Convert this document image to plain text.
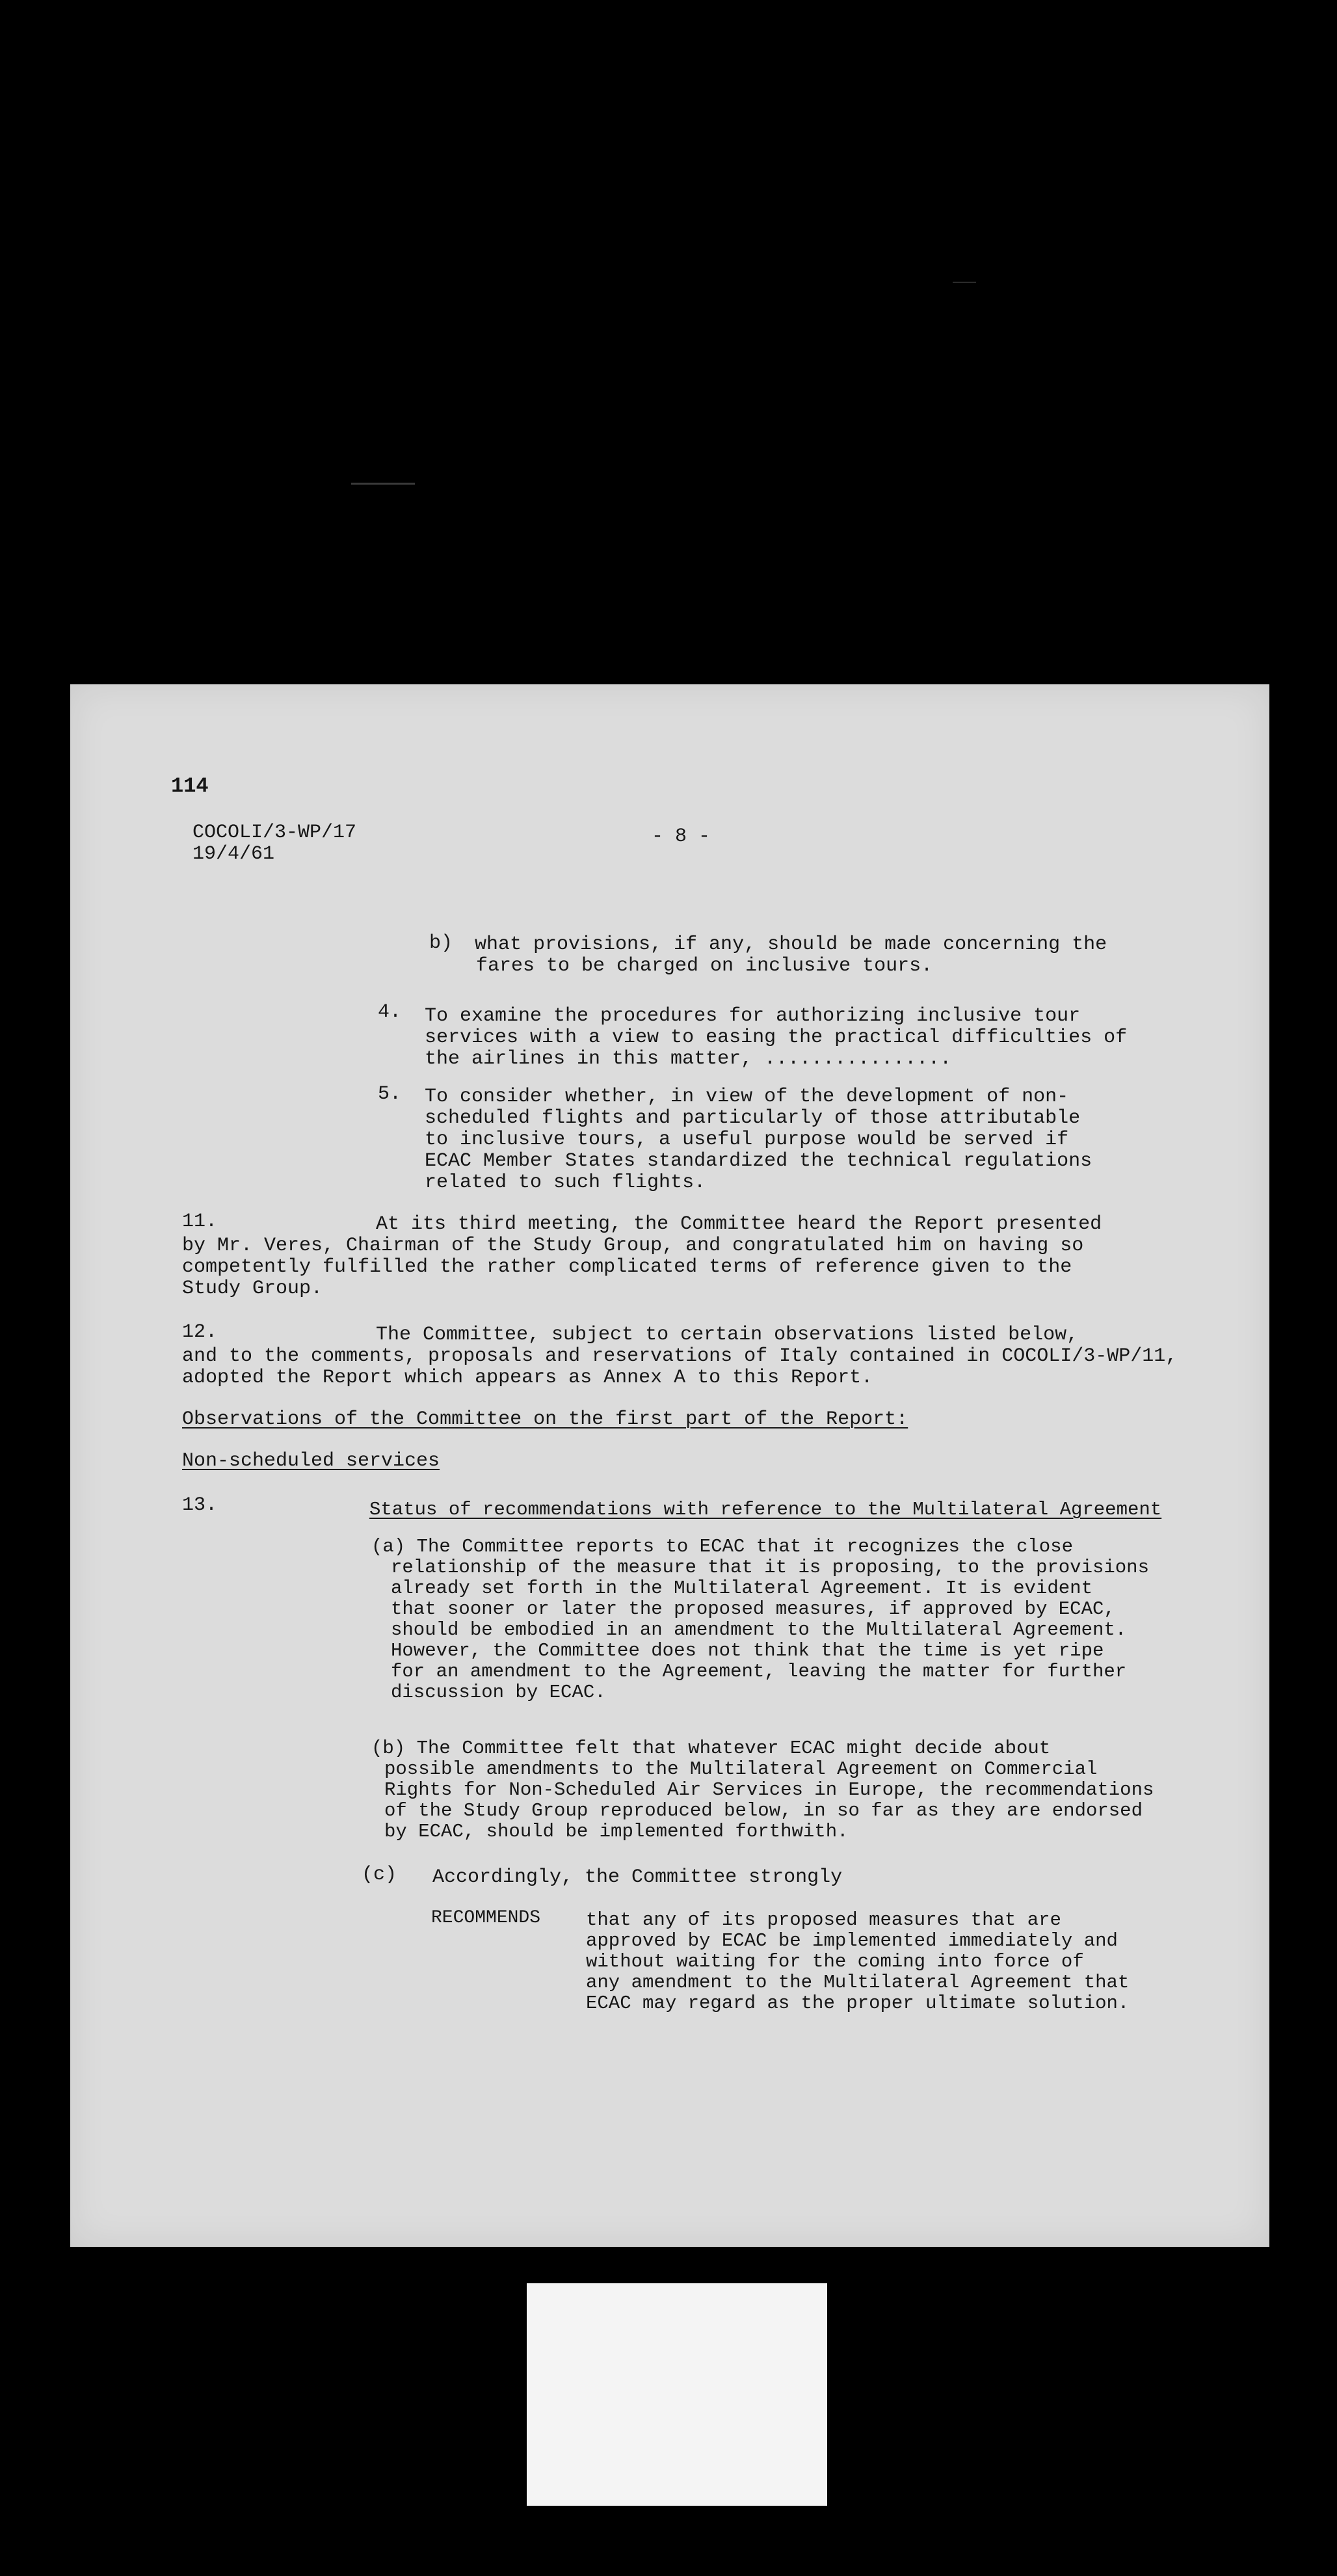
114
COCOLI/3-WP/17
19/4/61
- 8 -
b) what provisions, if any, should be made concerning the
fares to be charged on inclusive tours.
4. To examine the procedures for authorizing inclusive tour
services with a view to easing the practical difficulties of
the airlines in this matter, ................
5. To consider whether, in view of the development of non-
scheduled flights and particularly of those attributable
to inclusive tours, a useful purpose would be served if
ECAC Member States standardized the technical regulations
related to such flights.
11.	At its third meeting, the Committee heard the Report presented
by Mr. Veres, Chairman of the Study Group, and congratulated him on having so
competently fulfilled the rather complicated terms of reference given to the
Study Group.
12.	The Committee, subject to certain observations listed below,
and to the comments, proposals and reservations of Italy contained in COCOLI/3-WP/11,
adopted the Report which appears as Annex A to this Report.
Observations of the Committee on the first part of the Report:
Non-scheduled services
13.	Status of recommendations with reference to the Multilateral Agreement
(a) The Committee reports to ECAC that it recognizes the close
relationship of the measure that it is proposing, to the provisions
already set forth in the Multilateral Agreement. It is evident
that sooner or later the proposed measures, if approved by ECAC,
should be embodied in an amendment to the Multilateral Agreement.
However, the Committee does not think that the time is yet ripe
for an amendment to the Agreement, leaving the matter for further
discussion by ECAC.
(b) The Committee felt that whatever ECAC might decide about
possible amendments to the Multilateral Agreement on Commercial
Rights for Non-Scheduled Air Services in Europe, the recommendations
of the Study Group reproduced below, in so far as they are endorsed
by ECAC, should be implemented forthwith.
(c) Accordingly, the Committee strongly
RECOMMENDS that any of its proposed measures that are
approved by ECAC be implemented immediately and
without waiting for the coming into force of
any amendment to the Multilateral Agreement that
ECAC may regard as the proper ultimate solution.
